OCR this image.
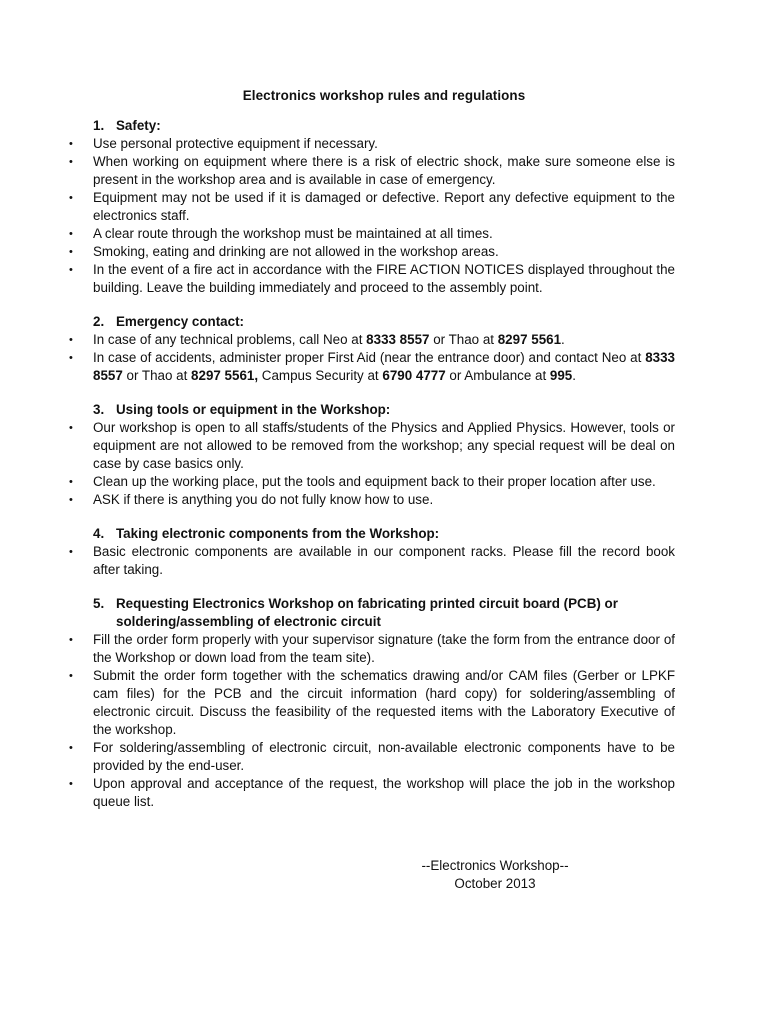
Electronics workshop rules and regulations
1. Safety:
•	Use personal protective equipment if necessary.
•	When working on equipment where there is a risk of electric shock, make sure someone else is present in the workshop area and is available in case of emergency.
•	Equipment may not be used if it is damaged or defective. Report any defective equipment to the electronics staff.
•	A clear route through the workshop must be maintained at all times.
•	Smoking, eating and drinking are not allowed in the workshop areas.
•	In the event of a fire act in accordance with the FIRE ACTION NOTICES displayed throughout the building. Leave the building immediately and proceed to the assembly point.
2. Emergency contact:
•	In case of any technical problems, call Neo at 8333 8557 or Thao at 8297 5561.
•	In case of accidents, administer proper First Aid (near the entrance door) and contact Neo at 8333 8557 or Thao at 8297 5561, Campus Security at 6790 4777 or Ambulance at 995.
3. Using tools or equipment in the Workshop:
•	Our workshop is open to all staffs/students of the Physics and Applied Physics. However, tools or equipment are not allowed to be removed from the workshop; any special request will be deal on case by case basics only.
•	Clean up the working place, put the tools and equipment back to their proper location after use.
•	ASK if there is anything you do not fully know how to use.
4. Taking electronic components from the Workshop:
•	Basic electronic components are available in our component racks. Please fill the record book after taking.
5. Requesting Electronics Workshop on fabricating printed circuit board (PCB) or soldering/assembling of electronic circuit
•	Fill the order form properly with your supervisor signature (take the form from the entrance door of the Workshop or down load from the team site).
•	Submit the order form together with the schematics drawing and/or CAM files (Gerber or LPKF cam files) for the PCB and the circuit information (hard copy) for soldering/assembling of electronic circuit. Discuss the feasibility of the requested items with the Laboratory Executive of the workshop.
•	For soldering/assembling of electronic circuit, non-available electronic components have to be provided by the end-user.
•	Upon approval and acceptance of the request, the workshop will place the job in the workshop queue list.
--Electronics Workshop--
October 2013
